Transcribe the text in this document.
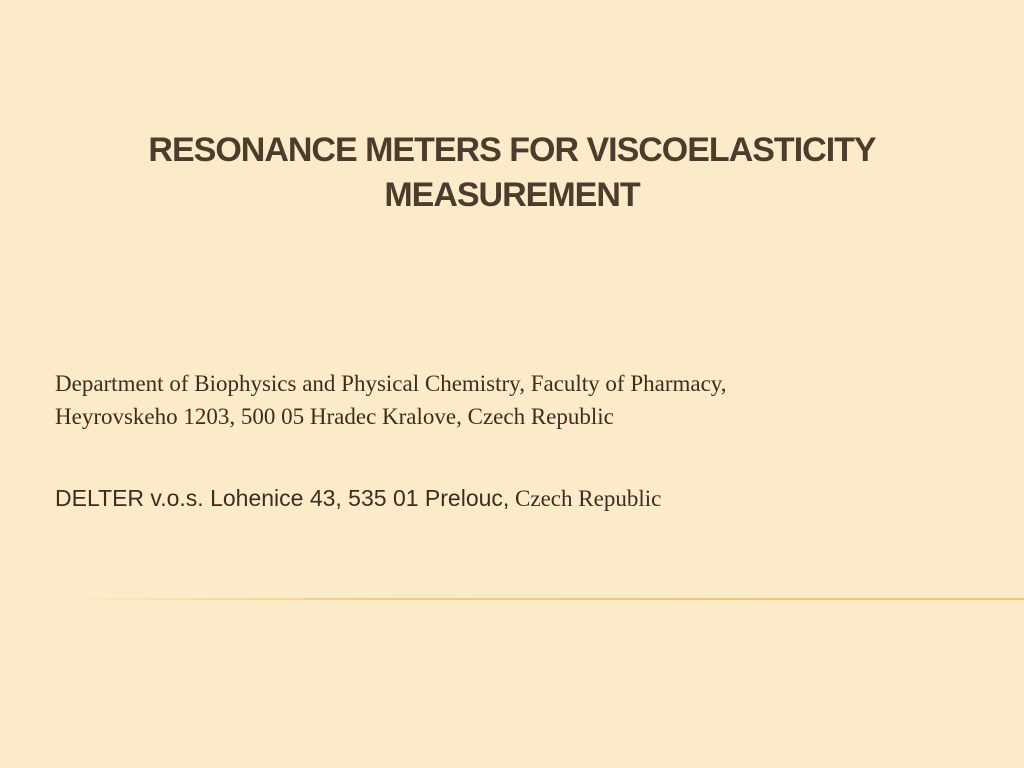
RESONANCE METERS FOR VISCOELASTICITY
MEASUREMENT
Department of Biophysics and Physical Chemistry, Faculty of Pharmacy,
Heyrovskeho 1203, 500 05 Hradec Kralove, Czech Republic
DELTER v.o.s. Lohenice 43, 535 01 Prelouc, Czech Republic
